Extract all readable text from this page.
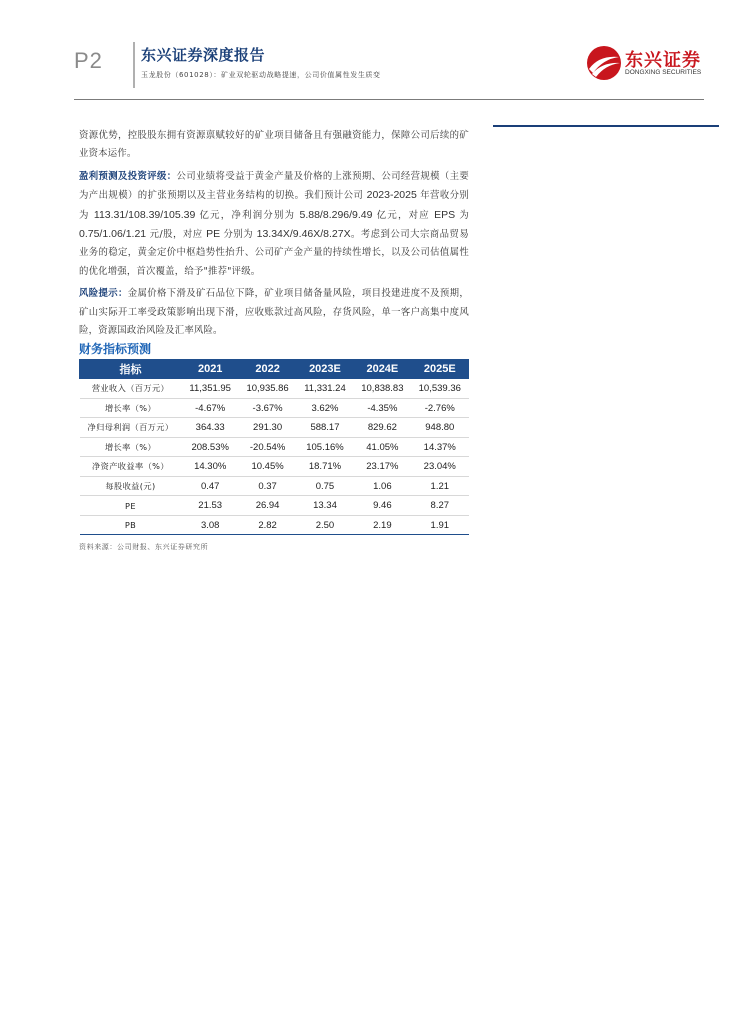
P2	东兴证券深度报告
玉龙股份（601028）：矿业双轮驱动战略提速，公司价值属性发生质变
东兴证券
DONGXING SECURITIES

资源优势，控股股东拥有资源禀赋较好的矿业项目储备且有强融资能力，保障公司后续的矿业资本运作。

盈利预测及投资评级：公司业绩将受益于黄金产量及价格的上涨预期、公司经营规模（主要为产出规模）的扩张预期以及主营业务结构的切换。我们预计公司 2023-2025 年营收分别为 113.31/108.39/105.39 亿元，净利润分别为 5.88/8.296/9.49 亿元，对应 EPS 为 0.75/1.06/1.21 元/股，对应 PE 分别为 13.34X/9.46X/8.27X。考虑到公司大宗商品贸易业务的稳定，黄金定价中枢趋势性抬升、公司矿产金产量的持续性增长，以及公司估值属性的优化增强，首次覆盖，给予"推荐"评级。

风险提示：金属价格下滑及矿石品位下降，矿业项目储备量风险，项目投建进度不及预期，矿山实际开工率受政策影响出现下滑，应收账款过高风险，存货风险，单一客户高集中度风险，资源国政治风险及汇率风险。

财务指标预测
指标	2021	2022	2023E	2024E	2025E
营业收入（百万元）	11,351.95	10,935.86	11,331.24	10,838.83	10,539.36
增长率（%）	-4.67%	-3.67%	3.62%	-4.35%	-2.76%
净归母利润（百万元）	364.33	291.30	588.17	829.62	948.80
增长率（%）	208.53%	-20.54%	105.16%	41.05%	14.37%
净资产收益率（%）	14.30%	10.45%	18.71%	23.17%	23.04%
每股收益(元)	0.47	0.37	0.75	1.06	1.21
PE	21.53	26.94	13.34	9.46	8.27
PB	3.08	2.82	2.50	2.19	1.91
资料来源：公司财报、东兴证券研究所
